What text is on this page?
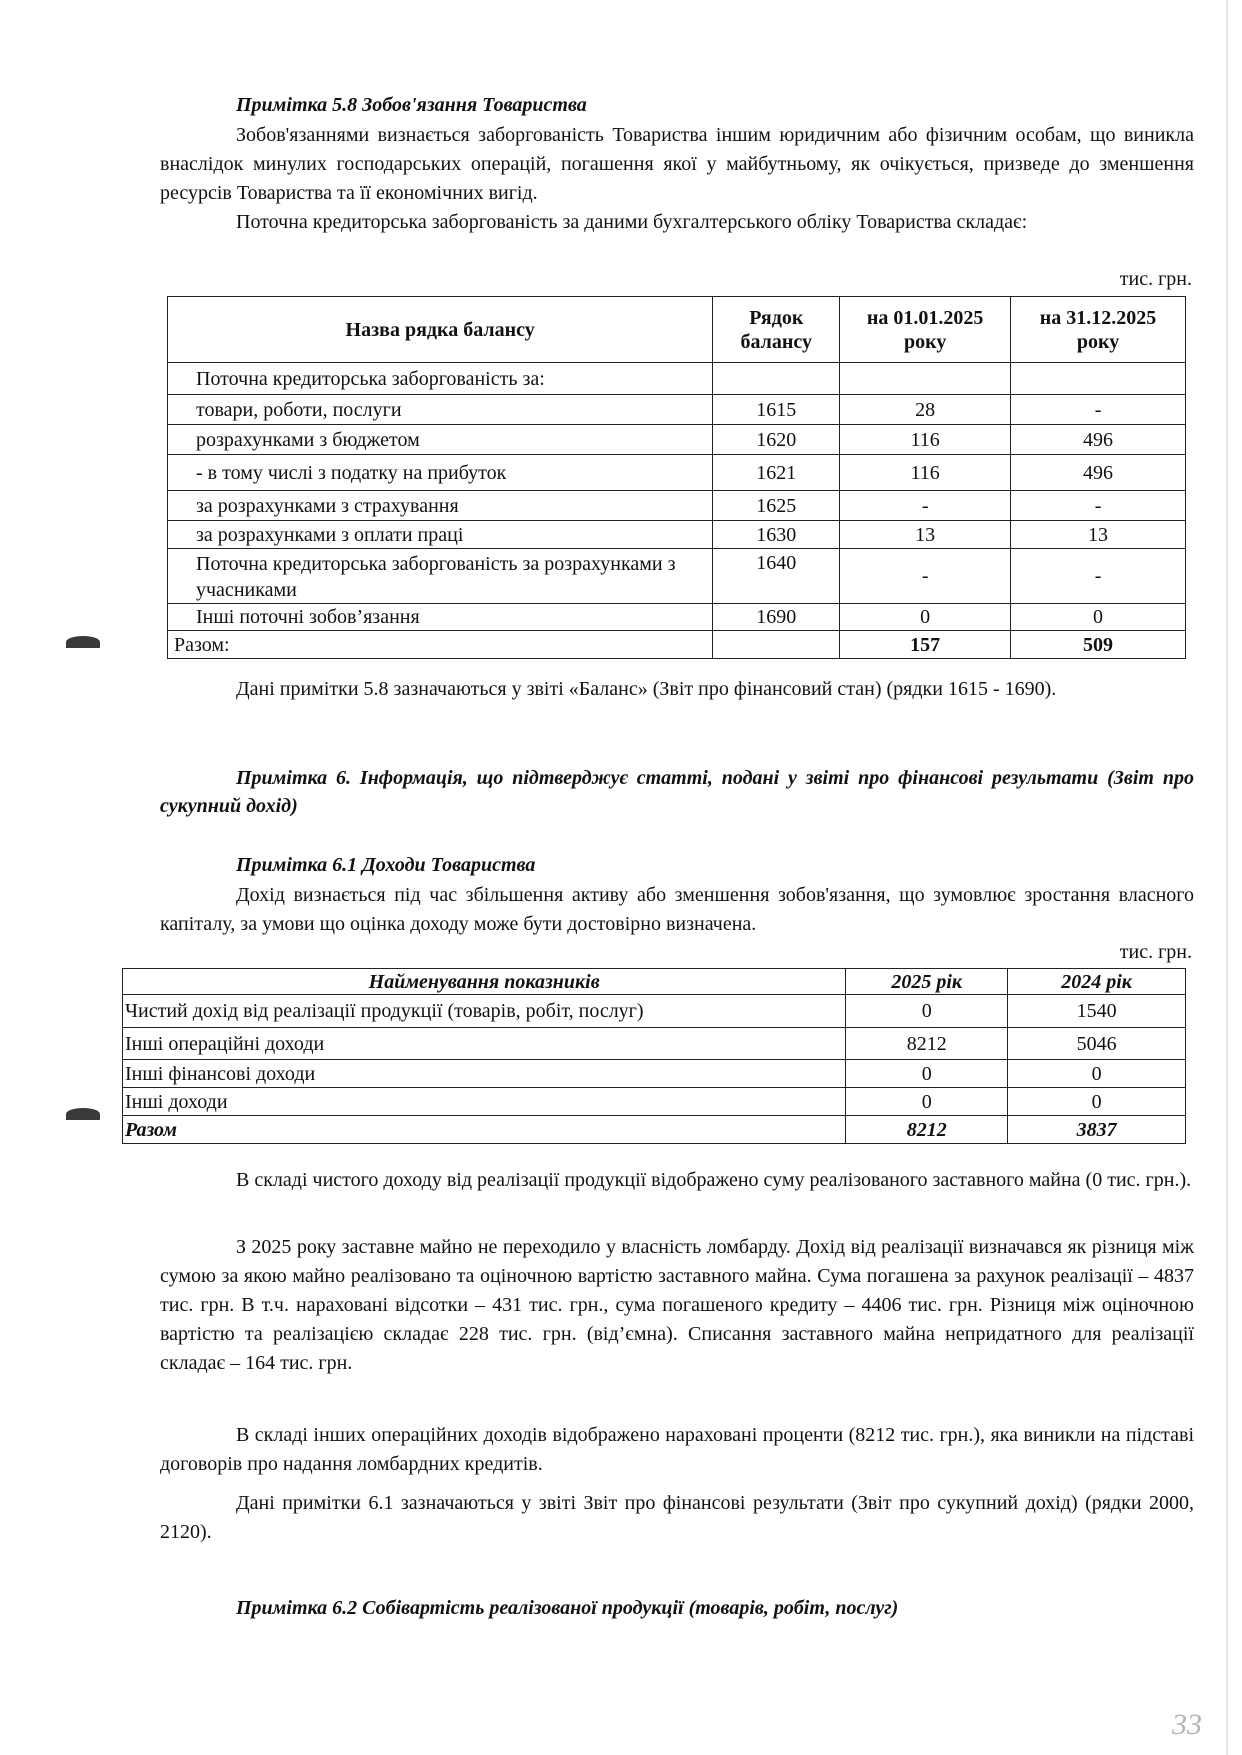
Примітка 5.8 Зобов'язання Товариства

Зобов'язаннями визнається заборгованість Товариства іншим юридичним або фізичним особам, що виникла внаслідок минулих господарських операцій, погашення якої у майбутньому, як очікується, призведе до зменшення ресурсів Товариства та її економічних вигід.

Поточна кредиторська заборгованість за даними бухгалтерського обліку Товариства складає:

тис. грн.
Назва рядка балансу	Рядок балансу	на 01.01.2025 року	на 31.12.2025 року
Поточна кредиторська заборгованість за:			
товари, роботи, послуги	1615	28	-
розрахунками з бюджетом	1620	116	496
- в тому числі з податку на прибуток	1621	116	496
за розрахунками з страхування	1625	-	-
за розрахунками з оплати праці	1630	13	13
Поточна кредиторська заборгованість за розрахунками з учасниками	1640	-	-
Інші поточні зобов’язання	1690	0	0
Разом:		157	509

Дані примітки 5.8 зазначаються у звіті «Баланс» (Звіт про фінансовий стан) (рядки 1615 - 1690).

Примітка 6. Інформація, що підтверджує статті, подані у звіті про фінансові результати (Звіт про сукупний дохід)

Примітка 6.1 Доходи Товариства

Дохід визнається під час збільшення активу або зменшення зобов'язання, що зумовлює зростання власного капіталу, за умови що оцінка доходу може бути достовірно визначена.

тис. грн.
Найменування показників	2025 рік	2024 рік
Чистий дохід від реалізації продукції (товарів, робіт, послуг)	0	1540
Інші операційні доходи	8212	5046
Інші фінансові доходи	0	0
Інші доходи	0	0
Разом	8212	3837

В складі чистого доходу від реалізації продукції відображено суму реалізованого заставного майна (0 тис. грн.).

З 2025 року заставне майно не переходило у власність ломбарду. Дохід від реалізації визначався як різниця між сумою за якою майно реалізовано та оціночною вартістю заставного майна. Сума погашена за рахунок реалізації – 4837 тис. грн. В т.ч. нараховані відсотки – 431 тис. грн., сума погашеного кредиту – 4406 тис. грн. Різниця між оціночною вартістю та реалізацією складає 228 тис. грн. (від’ємна). Списання заставного майна непридатного для реалізації складає – 164 тис. грн.

В складі інших операційних доходів відображено нараховані проценти (8212 тис. грн.), яка виникли на підставі договорів про надання ломбардних кредитів.

Дані примітки 6.1 зазначаються у звіті Звіт про фінансові результати (Звіт про сукупний дохід) (рядки 2000, 2120).

Примітка 6.2 Собівартість реалізованої продукції (товарів, робіт, послуг)

33
